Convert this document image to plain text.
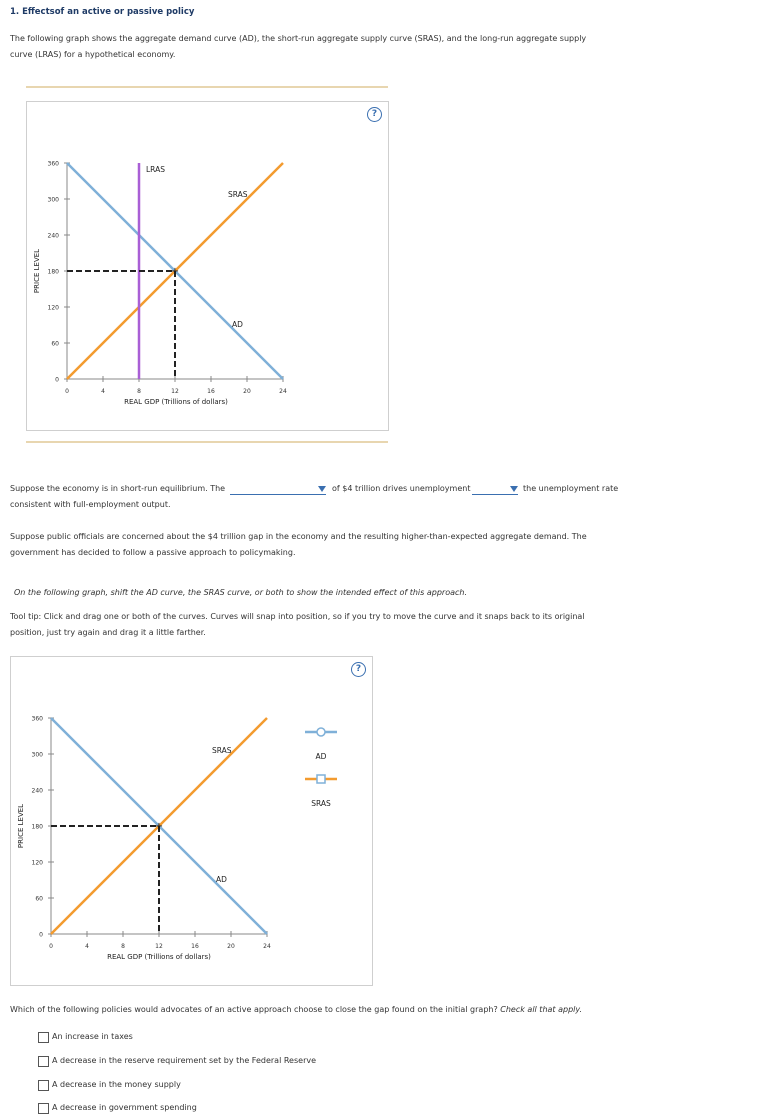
1. Effectsof an active or passive policy
The following graph shows the aggregate demand curve (AD), the short-run aggregate supply curve (SRAS), and the long-run aggregate supply
curve (LRAS) for a hypothetical economy.
?
360
300
240
180
120
60
0
0	4	8	12	16	20	24
+
LRAS
SRAS
AD
REAL GDP (Trillions of dollars)
PRICE LEVEL
Suppose the economy is in short-run equilibrium. The	of $4 trillion drives unemployment	the unemployment rate
consistent with full-employment output.
Suppose public officials are concerned about the $4 trillion gap in the economy and the resulting higher-than-expected aggregate demand. The
government has decided to follow a passive approach to policymaking.
On the following graph, shift the AD curve, the SRAS curve, or both to show the intended effect of this approach.
Tool tip: Click and drag one or both of the curves. Curves will snap into position, so if you try to move the curve and it snaps back to its original
position, just try again and drag it a little farther.
?
360
300
240
180
120
60
0
0	4	8	12	16	20	24
+
SRAS
AD
REAL GDP (Trillions of dollars)
PRICE LEVEL
AD
SRAS
Which of the following policies would advocates of an active approach choose to close the gap found on the initial graph? Check all that apply.
An increase in taxes
A decrease in the reserve requirement set by the Federal Reserve
A decrease in the money supply
A decrease in government spending
